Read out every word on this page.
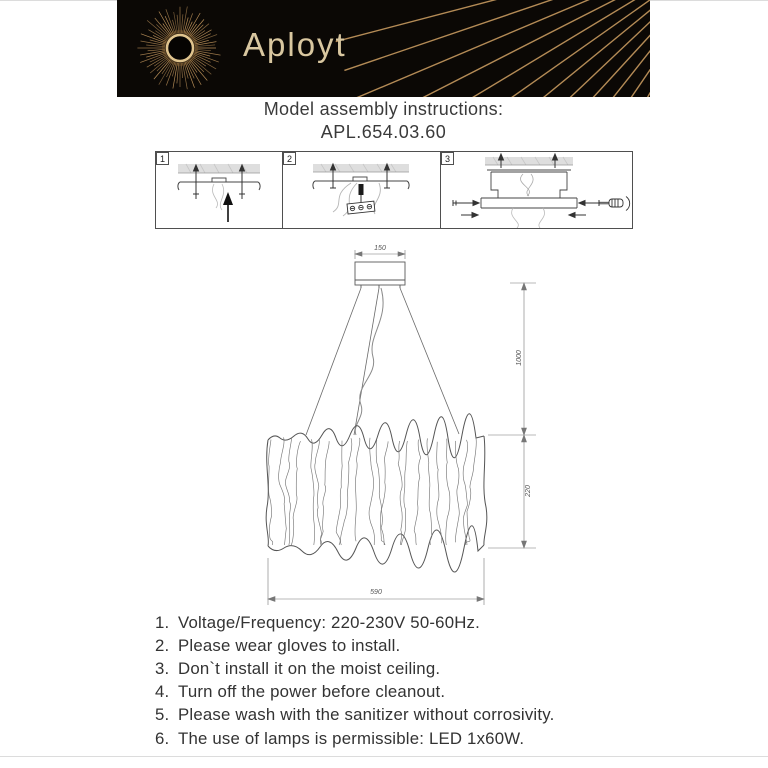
Aployt
Model assembly instructions:
APL.654.03.60
1	2	3
150
1000
220
590
1. Voltage/Frequency: 220-230V 50-60Hz.
2. Please wear gloves to install.
3. Don`t install it on the moist ceiling.
4. Turn off the power before cleanout.
5. Please wash with the sanitizer without corrosivity.
6. The use of lamps is permissible: LED 1x60W.
